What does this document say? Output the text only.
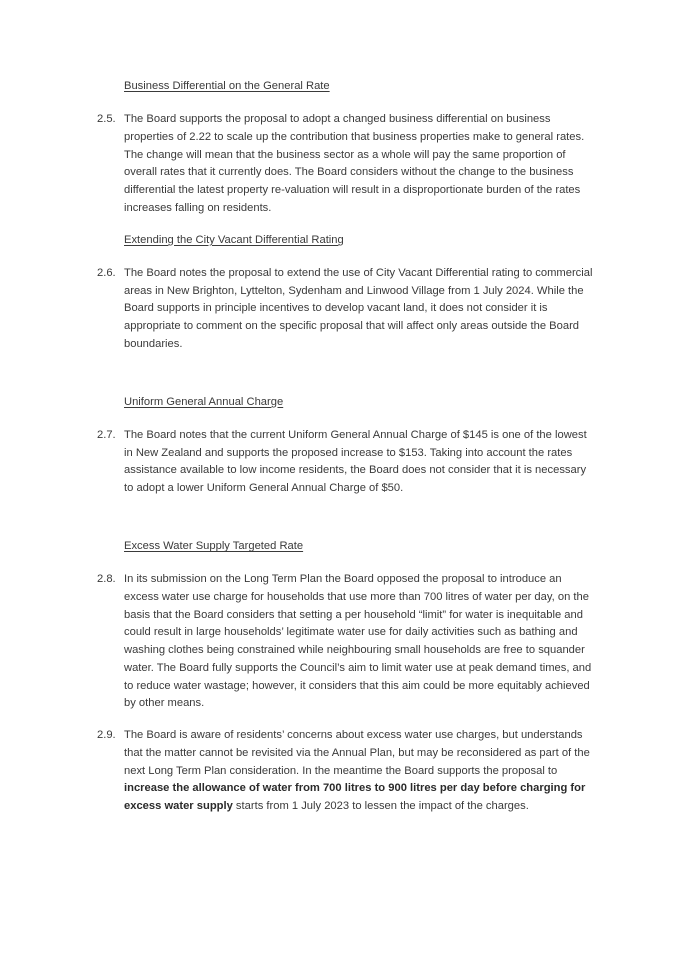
Business Differential on the General Rate
2.5. The Board supports the proposal to adopt a changed business differential on business properties of 2.22 to scale up the contribution that business properties make to general rates. The change will mean that the business sector as a whole will pay the same proportion of overall rates that it currently does. The Board considers without the change to the business differential the latest property re-valuation will result in a disproportionate burden of the rates increases falling on residents.
Extending the City Vacant Differential Rating
2.6. The Board notes the proposal to extend the use of City Vacant Differential rating to commercial areas in New Brighton, Lyttelton, Sydenham and Linwood Village from 1 July 2024. While the Board supports in principle incentives to develop vacant land, it does not consider it is appropriate to comment on the specific proposal that will affect only areas outside the Board boundaries.
Uniform General Annual Charge
2.7. The Board notes that the current Uniform General Annual Charge of $145 is one of the lowest in New Zealand and supports the proposed increase to $153. Taking into account the rates assistance available to low income residents, the Board does not consider that it is necessary to adopt a lower Uniform General Annual Charge of $50.
Excess Water Supply Targeted Rate
2.8. In its submission on the Long Term Plan the Board opposed the proposal to introduce an excess water use charge for households that use more than 700 litres of water per day, on the basis that the Board considers that setting a per household “limit” for water is inequitable and could result in large households’ legitimate water use for daily activities such as bathing and washing clothes being constrained while neighbouring small households are free to squander water. The Board fully supports the Council’s aim to limit water use at peak demand times, and to reduce water wastage; however, it considers that this aim could be more equitably achieved by other means.
2.9. The Board is aware of residents’ concerns about excess water use charges, but understands that the matter cannot be revisited via the Annual Plan, but may be reconsidered as part of the next Long Term Plan consideration. In the meantime the Board supports the proposal to increase the allowance of water from 700 litres to 900 litres per day before charging for excess water supply starts from 1 July 2023 to lessen the impact of the charges.
